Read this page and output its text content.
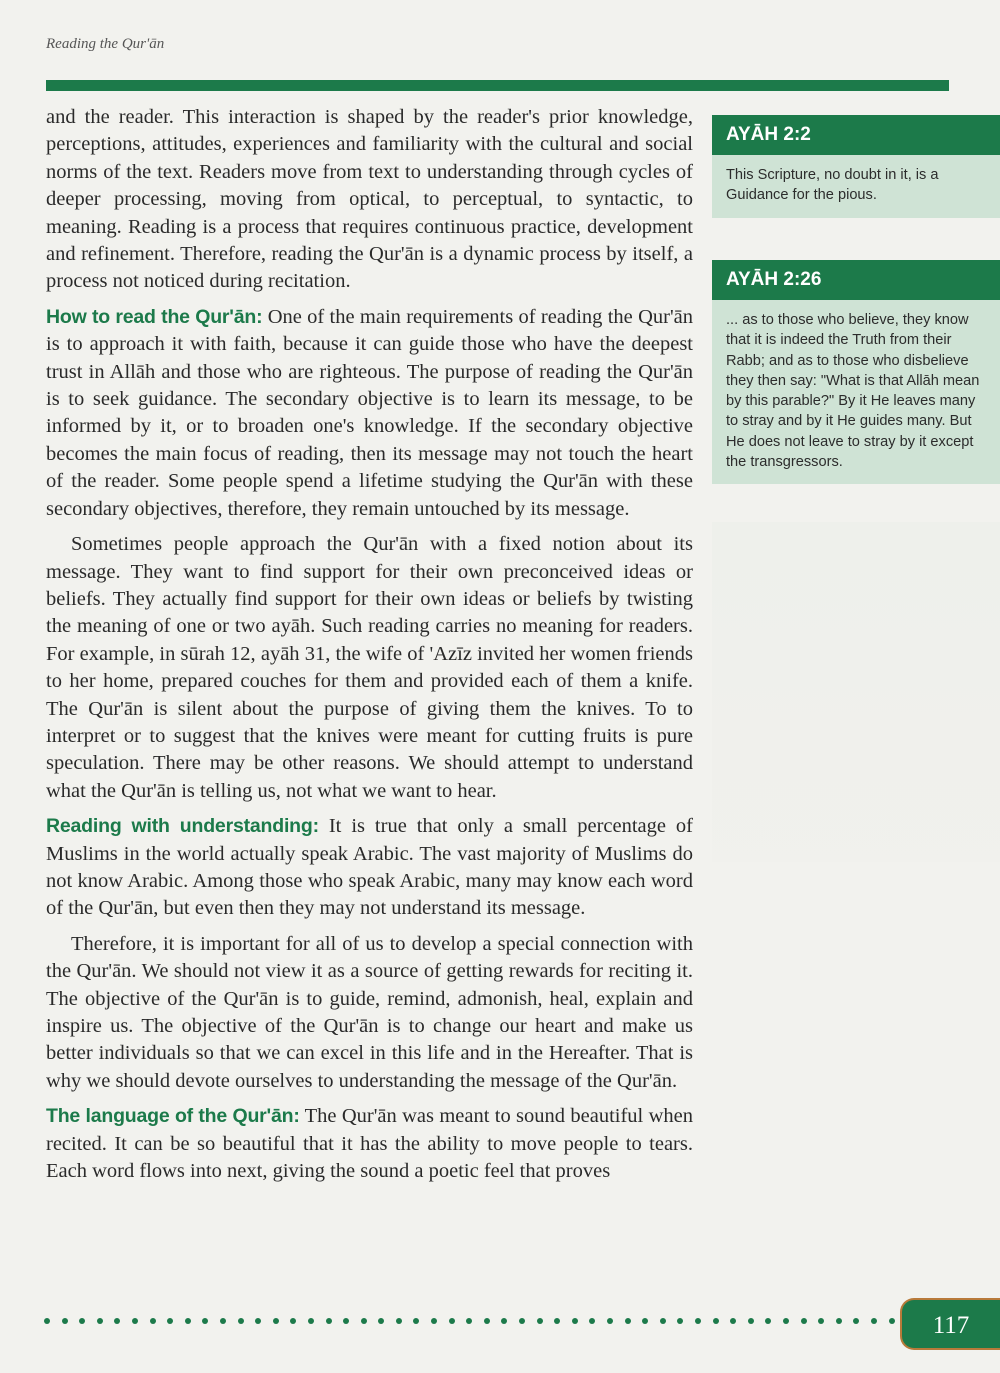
Reading the Qur'ān

and the reader. This interaction is shaped by the reader's prior knowledge, perceptions, attitudes, experiences and familiarity with the cultural and social norms of the text. Readers move from text to understanding through cycles of deeper processing, moving from optical, to perceptual, to syntactic, to meaning. Reading is a process that requires continuous practice, development and refinement. Therefore, reading the Qur'ān is a dynamic process by itself, a process not noticed during recitation.

How to read the Qur'ān: One of the main requirements of reading the Qur'ān is to approach it with faith, because it can guide those who have the deepest trust in Allāh and those who are righteous. The purpose of reading the Qur'ān is to seek guidance. The secondary objective is to learn its message, to be informed by it, or to broaden one's knowledge. If the secondary objective becomes the main focus of reading, then its message may not touch the heart of the reader. Some people spend a lifetime studying the Qur'ān with these secondary objectives, therefore, they remain untouched by its message.

Sometimes people approach the Qur'ān with a fixed notion about its message. They want to find support for their own preconceived ideas or beliefs. They actually find support for their own ideas or beliefs by twisting the meaning of one or two ayāh. Such reading carries no meaning for readers. For example, in sūrah 12, ayāh 31, the wife of 'Azīz invited her women friends to her home, prepared couches for them and provided each of them a knife. The Qur'ān is silent about the purpose of giving them the knives. To to interpret or to suggest that the knives were meant for cutting fruits is pure speculation. There may be other reasons. We should attempt to understand what the Qur'ān is telling us, not what we want to hear.

Reading with understanding: It is true that only a small percentage of Muslims in the world actually speak Arabic. The vast majority of Muslims do not know Arabic. Among those who speak Arabic, many may know each word of the Qur'ān, but even then they may not understand its message.

Therefore, it is important for all of us to develop a special connection with the Qur'ān. We should not view it as a source of getting rewards for reciting it. The objective of the Qur'ān is to guide, remind, admonish, heal, explain and inspire us. The objective of the Qur'ān is to change our heart and make us better individuals so that we can excel in this life and in the Hereafter. That is why we should devote ourselves to understanding the message of the Qur'ān.

The language of the Qur'ān: The Qur'ān was meant to sound beautiful when recited. It can be so beautiful that it has the ability to move people to tears. Each word flows into next, giving the sound a poetic feel that proves

AYĀH 2:2
This Scripture, no doubt in it, is a
Guidance for the pious.
AYĀH 2:26
... as to those who believe, they know
that it is indeed the Truth from their
Rabb; and as to those who disbelieve
they then say: "What is that Allāh mean
by this parable?" By it He leaves many
to stray and by it He guides many. But
He does not leave to stray by it except
the transgressors.
117
